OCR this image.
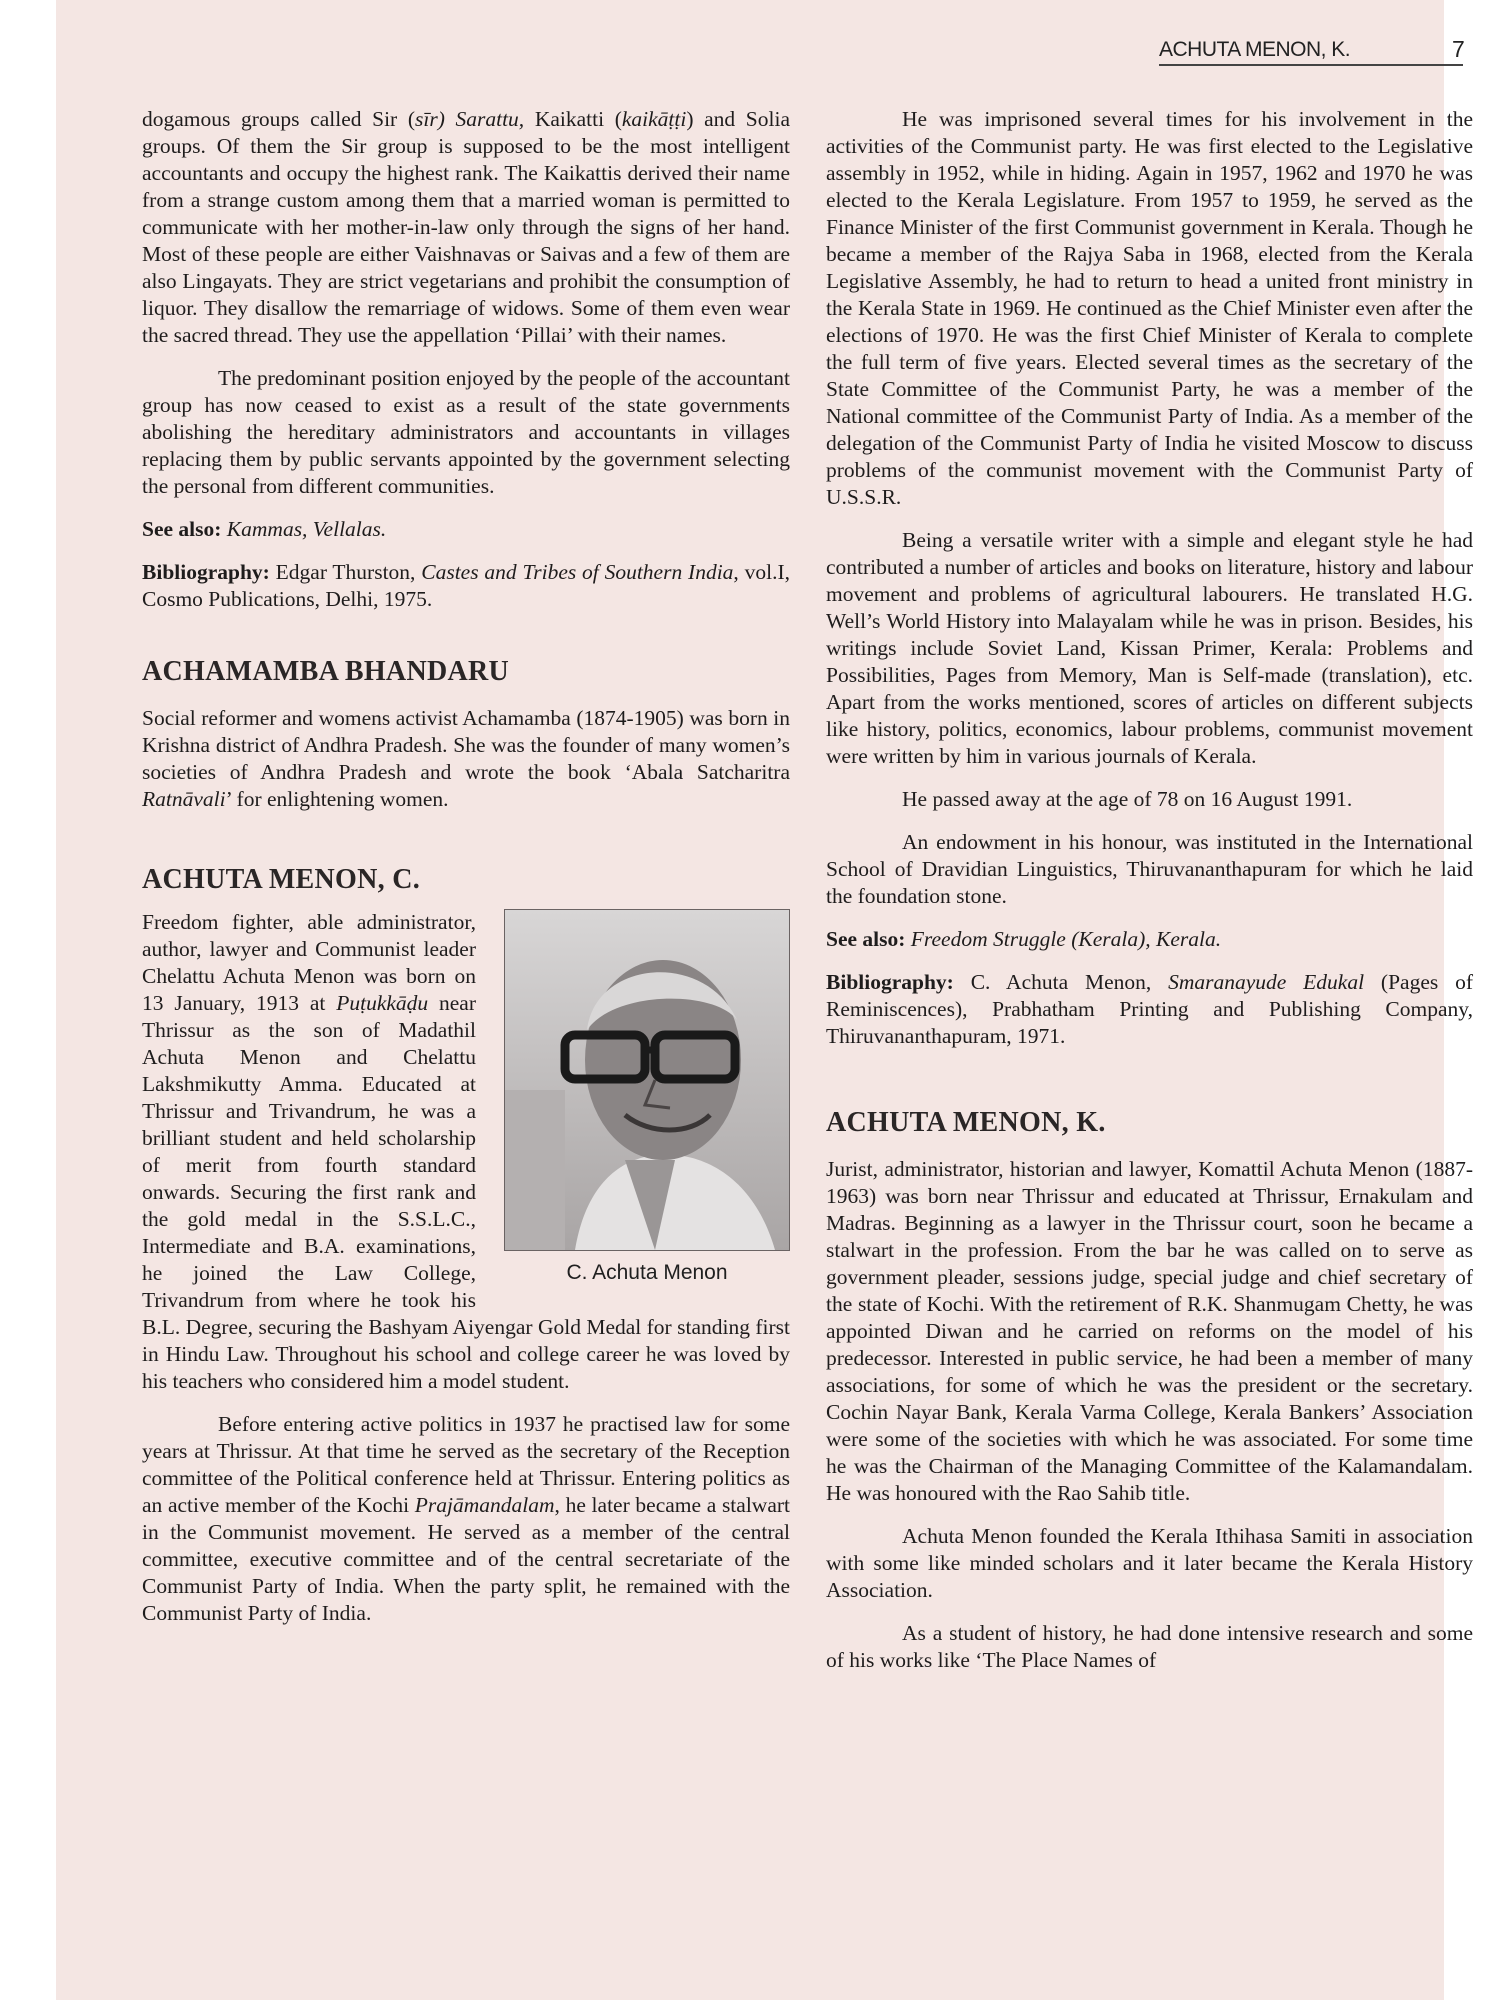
ACHUTA MENON, K.	7

dogamous groups called Sir (sīr) Sarattu, Kaikatti (kaikāṭṭi) and Solia groups. Of them the Sir group is supposed to be the most intelligent accountants and occupy the highest rank. The Kaikattis derived their name from a strange custom among them that a married woman is permitted to communicate with her mother-in-law only through the signs of her hand. Most of these people are either Vaishnavas or Saivas and a few of them are also Lingayats. They are strict vegetarians and prohibit the consumption of liquor. They disallow the remarriage of widows. Some of them even wear the sacred thread. They use the appellation ‘Pillai’ with their names.

The predominant position enjoyed by the people of the accountant group has now ceased to exist as a result of the state governments abolishing the hereditary administrators and accountants in villages replacing them by public servants appointed by the government selecting the personal from different communities.

See also: Kammas, Vellalas.

Bibliography: Edgar Thurston, Castes and Tribes of Southern India, vol.I, Cosmo Publications, Delhi, 1975.

ACHAMAMBA BHANDARU

Social reformer and womens activist Achamamba (1874-1905) was born in Krishna district of Andhra Pradesh. She was the founder of many women’s societies of Andhra Pradesh and wrote the book ‘Abala Satcharitra Ratnāvali’ for enlightening women.

ACHUTA MENON, C.
C. Achuta Menon

Freedom fighter, able administrator, author, lawyer and Communist leader Chelattu Achuta Menon was born on 13 January, 1913 at Puṭukkāḍu near Thrissur as the son of Madathil Achuta Menon and Chelattu Lakshmikutty Amma. Educated at Thrissur and Trivandrum, he was a brilliant student and held scholarship of merit from fourth standard onwards. Securing the first rank and the gold medal in the S.S.L.C., Intermediate and B.A. examinations, he joined the Law College, Trivandrum from where he took his B.L. Degree, securing the Bashyam Aiyengar Gold Medal for standing first in Hindu Law. Throughout his school and college career he was loved by his teachers who considered him a model student.

Before entering active politics in 1937 he practised law for some years at Thrissur. At that time he served as the secretary of the Reception committee of the Political conference held at Thrissur. Entering politics as an active member of the Kochi Prajāmandalam, he later became a stalwart in the Communist movement. He served as a member of the central committee, executive committee and of the central secretariate of the Communist Party of India. When the party split, he remained with the Communist Party of India.

He was imprisoned several times for his involvement in the activities of the Communist party. He was first elected to the Legislative assembly in 1952, while in hiding. Again in 1957, 1962 and 1970 he was elected to the Kerala Legislature. From 1957 to 1959, he served as the Finance Minister of the first Communist government in Kerala. Though he became a member of the Rajya Saba in 1968, elected from the Kerala Legislative Assembly, he had to return to head a united front ministry in the Kerala State in 1969. He continued as the Chief Minister even after the elections of 1970. He was the first Chief Minister of Kerala to complete the full term of five years. Elected several times as the secretary of the State Committee of the Communist Party, he was a member of the National committee of the Communist Party of India. As a member of the delegation of the Communist Party of India he visited Moscow to discuss problems of the communist movement with the Communist Party of U.S.S.R.

Being a versatile writer with a simple and elegant style he had contributed a number of articles and books on literature, history and labour movement and problems of agricultural labourers. He translated H.G. Well’s World History into Malayalam while he was in prison. Besides, his writings include Soviet Land, Kissan Primer, Kerala: Problems and Possibilities, Pages from Memory, Man is Self-made (translation), etc. Apart from the works mentioned, scores of articles on different subjects like history, politics, economics, labour problems, communist movement were written by him in various journals of Kerala.

He passed away at the age of 78 on 16 August 1991.

An endowment in his honour, was instituted in the International School of Dravidian Linguistics, Thiruvananthapuram for which he laid the foundation stone.

See also: Freedom Struggle (Kerala), Kerala.

Bibliography: C. Achuta Menon, Smaranayude Edukal (Pages of Reminiscences), Prabhatham Printing and Publishing Company, Thiruvananthapuram, 1971.

ACHUTA MENON, K.

Jurist, administrator, historian and lawyer, Komattil Achuta Menon (1887-1963) was born near Thrissur and educated at Thrissur, Ernakulam and Madras. Beginning as a lawyer in the Thrissur court, soon he became a stalwart in the profession. From the bar he was called on to serve as government pleader, sessions judge, special judge and chief secretary of the state of Kochi. With the retirement of R.K. Shanmugam Chetty, he was appointed Diwan and he carried on reforms on the model of his predecessor. Interested in public service, he had been a member of many associations, for some of which he was the president or the secretary. Cochin Nayar Bank, Kerala Varma College, Kerala Bankers’ Association were some of the societies with which he was associated. For some time he was the Chairman of the Managing Committee of the Kalamandalam. He was honoured with the Rao Sahib title.

Achuta Menon founded the Kerala Ithihasa Samiti in association with some like minded scholars and it later became the Kerala History Association.

As a student of history, he had done intensive research and some of his works like ‘The Place Names of
